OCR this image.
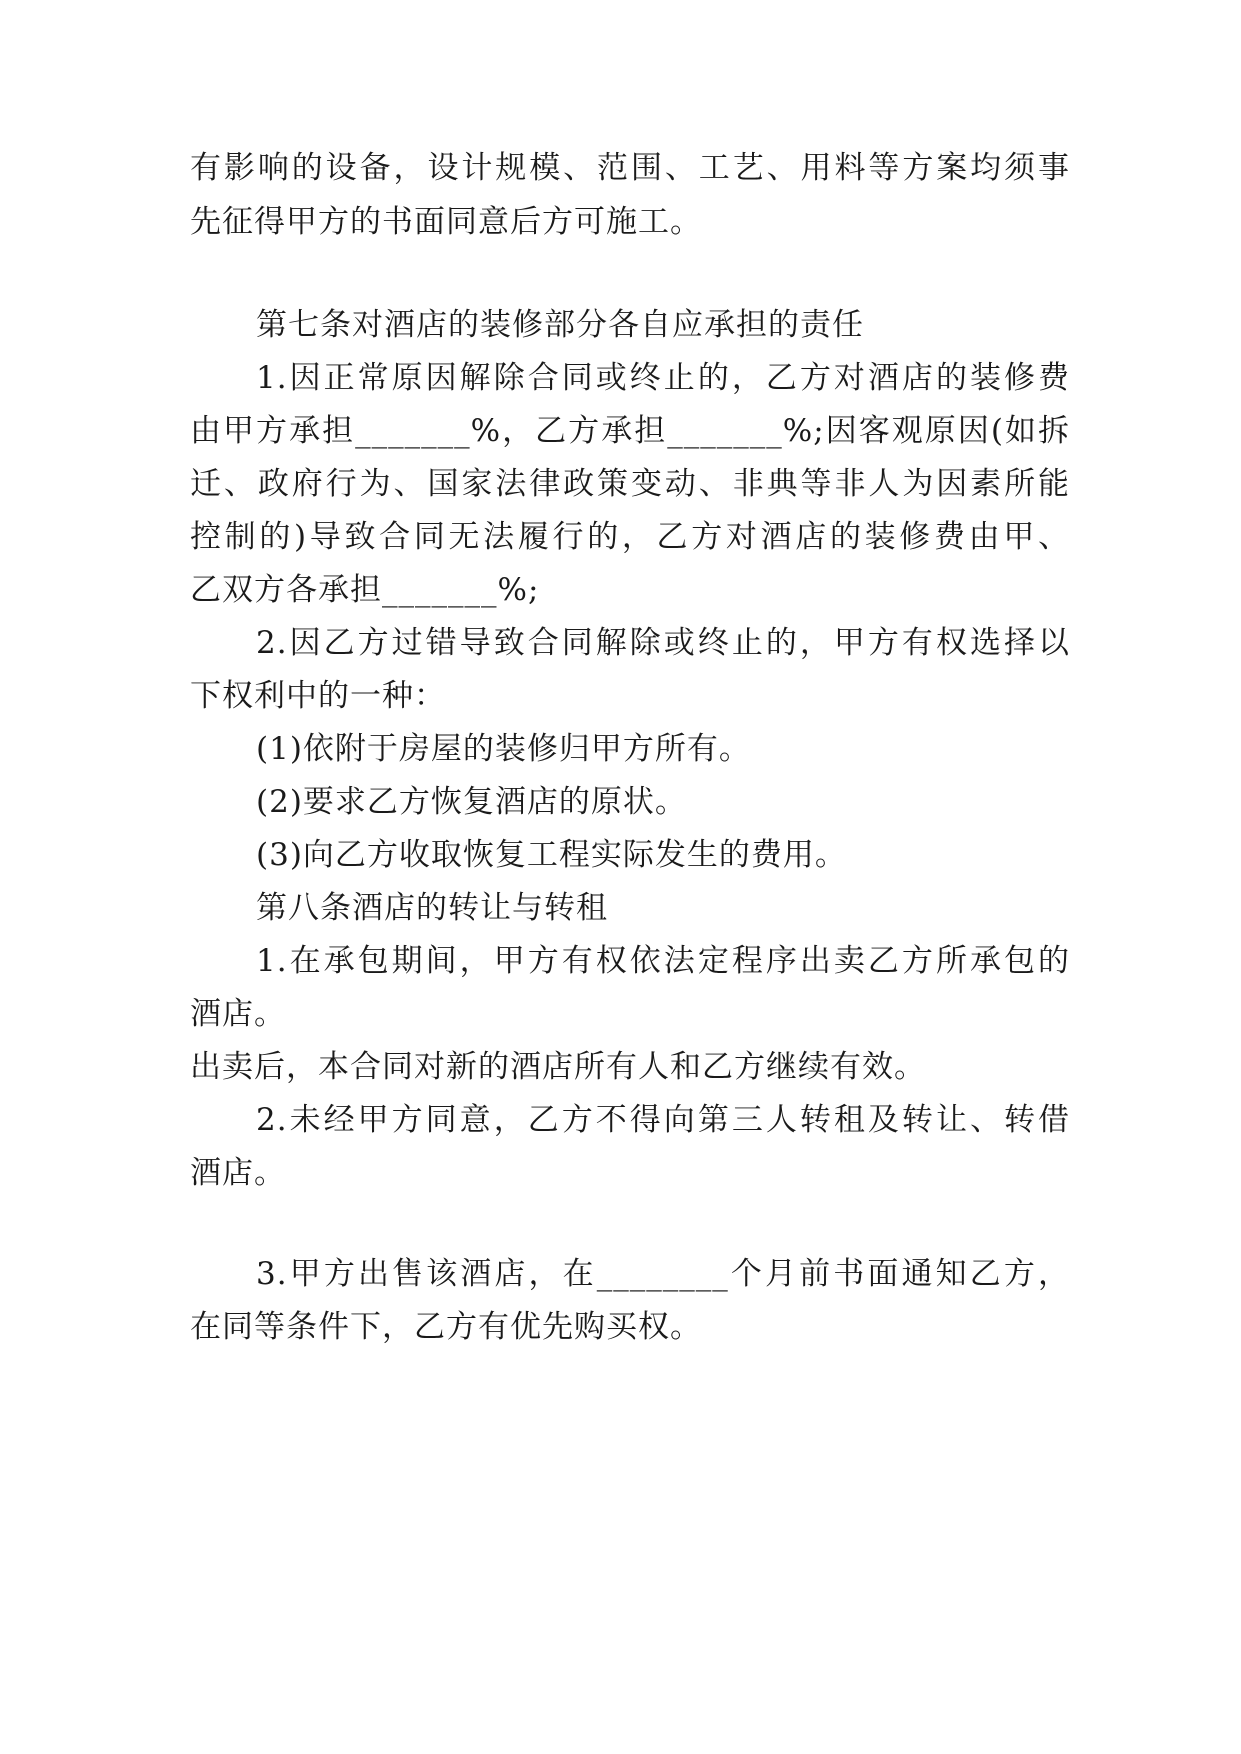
有影响的设备，设计规模、范围、工艺、用料等方案均须事
先征得甲方的书面同意后方可施工。
第七条对酒店的装修部分各自应承担的责任
1.因正常原因解除合同或终止的，乙方对酒店的装修费
由甲方承担_______%，乙方承担_______%;因客观原因(如拆
迁、政府行为、国家法律政策变动、非典等非人为因素所能
控制的)导致合同无法履行的，乙方对酒店的装修费由甲、
乙双方各承担_______%;
2.因乙方过错导致合同解除或终止的，甲方有权选择以
下权利中的一种：
(1)依附于房屋的装修归甲方所有。
(2)要求乙方恢复酒店的原状。
(3)向乙方收取恢复工程实际发生的费用。
第八条酒店的转让与转租
1.在承包期间，甲方有权依法定程序出卖乙方所承包的
酒店。
出卖后，本合同对新的酒店所有人和乙方继续有效。
2.未经甲方同意，乙方不得向第三人转租及转让、转借
酒店。
3.甲方出售该酒店，在________个月前书面通知乙方，
在同等条件下，乙方有优先购买权。
